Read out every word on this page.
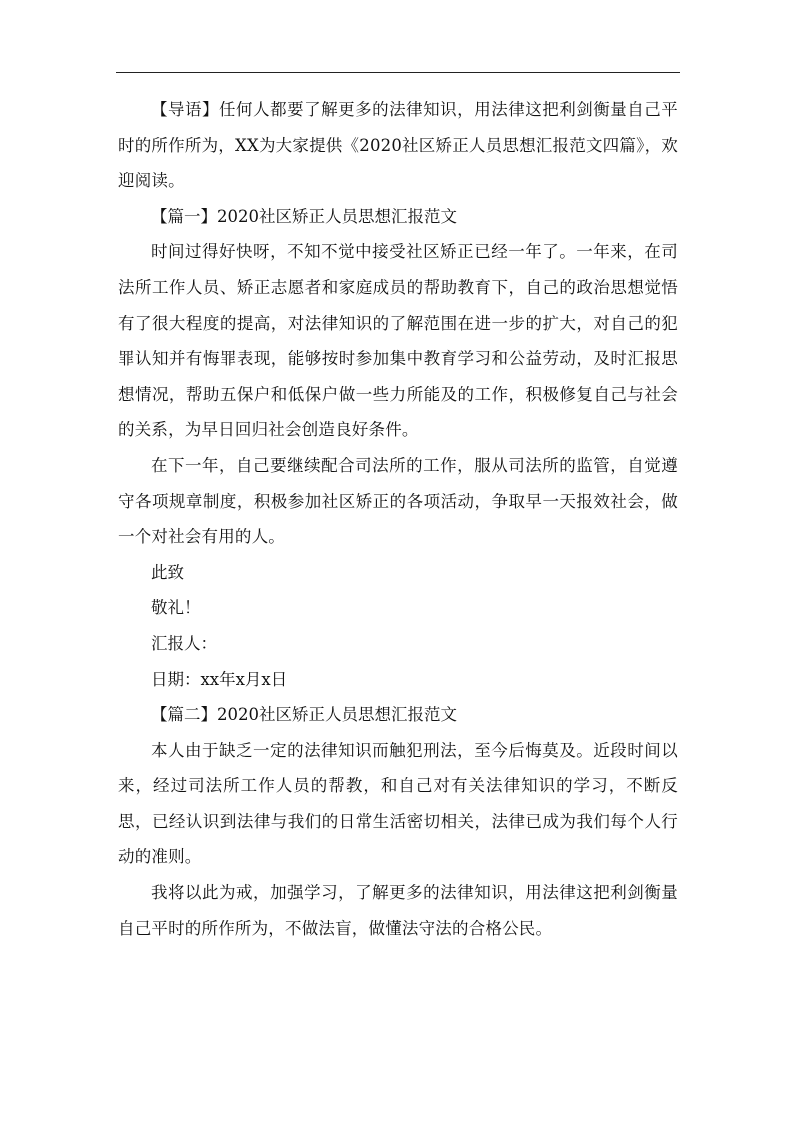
【导语】任何人都要了解更多的法律知识，用法律这把利剑衡量自己平时的所作所为，XX为大家提供《2020社区矫正人员思想汇报范文四篇》，欢迎阅读。

【篇一】2020社区矫正人员思想汇报范文

时间过得好快呀，不知不觉中接受社区矫正已经一年了。一年来，在司法所工作人员、矫正志愿者和家庭成员的帮助教育下，自己的政治思想觉悟有了很大程度的提高，对法律知识的了解范围在进一步的扩大，对自己的犯罪认知并有悔罪表现，能够按时参加集中教育学习和公益劳动，及时汇报思想情况，帮助五保户和低保户做一些力所能及的工作，积极修复自己与社会的关系，为早日回归社会创造良好条件。

在下一年，自己要继续配合司法所的工作，服从司法所的监管，自觉遵守各项规章制度，积极参加社区矫正的各项活动，争取早一天报效社会，做一个对社会有用的人。

此致

敬礼！

汇报人：

日期：xx年x月x日

【篇二】2020社区矫正人员思想汇报范文

本人由于缺乏一定的法律知识而触犯刑法，至今后悔莫及。近段时间以来，经过司法所工作人员的帮教，和自己对有关法律知识的学习，不断反思，已经认识到法律与我们的日常生活密切相关，法律已成为我们每个人行动的准则。

我将以此为戒，加强学习，了解更多的法律知识，用法律这把利剑衡量自己平时的所作所为，不做法盲，做懂法守法的合格公民。
